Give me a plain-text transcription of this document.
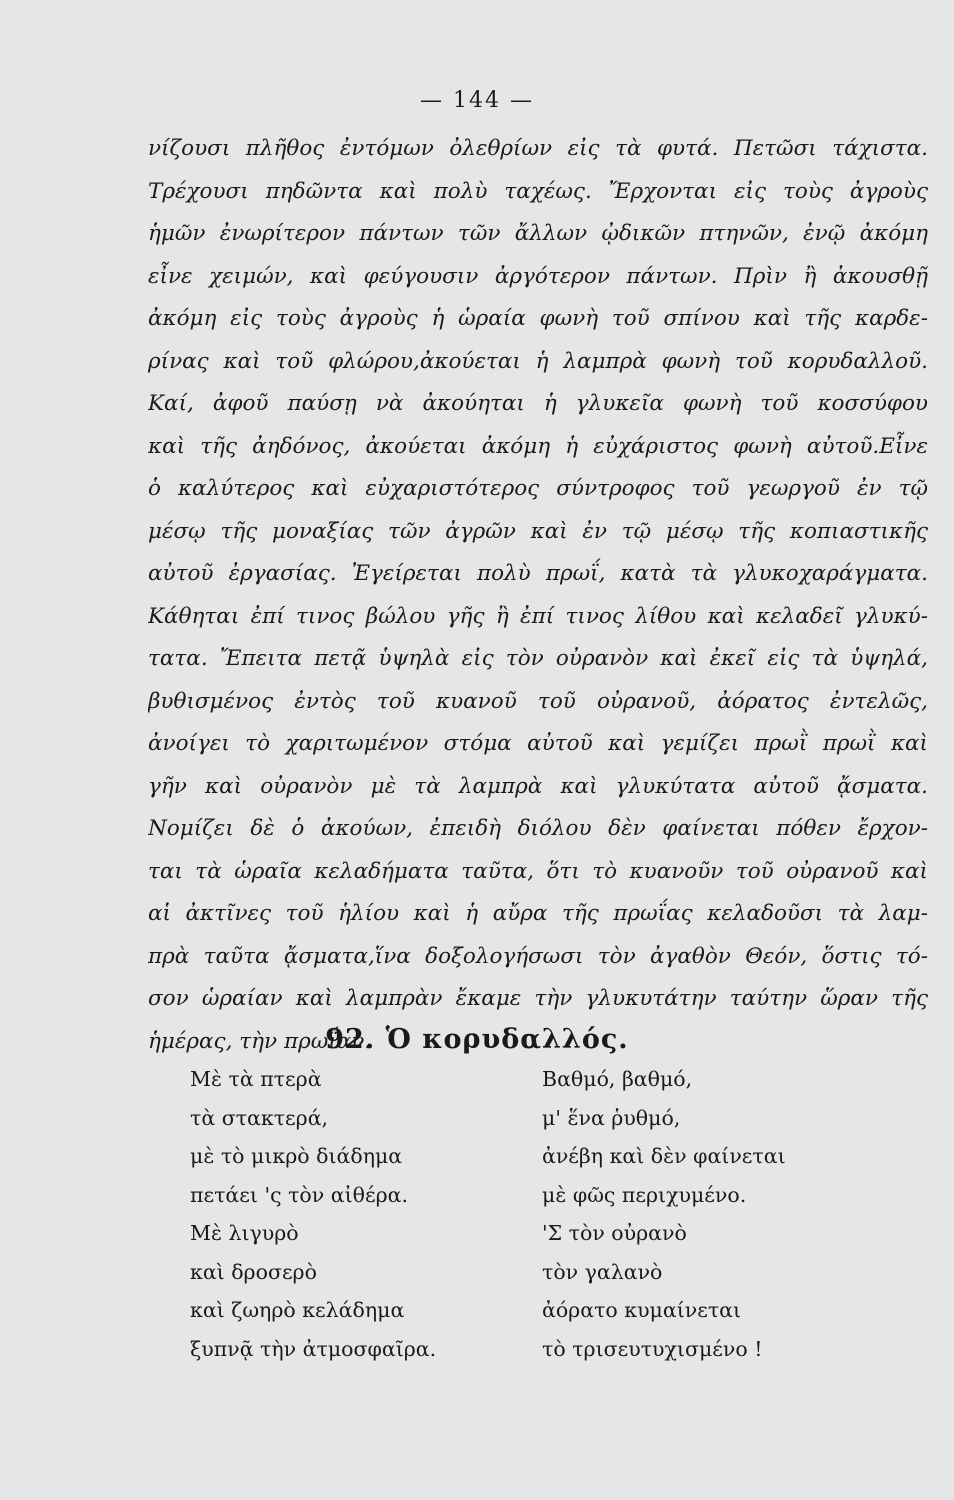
— 144 —
νίζουσι πλῆθος ἐντόμων ὀλεθρίων εἰς τὰ φυτά. Πετῶσι τάχιστα.
Τρέχουσι πηδῶντα καὶ πολὺ ταχέως. Ἔρχονται εἰς τοὺς ἀγροὺς
ἡμῶν ἐνωρίτερον πάντων τῶν ἄλλων ᾠδικῶν πτηνῶν, ἐνῷ ἀκόμη
εἶνε χειμών, καὶ φεύγουσιν ἀργότερον πάντων. Πρὶν ἢ ἀκουσθῇ
ἀκόμη εἰς τοὺς ἀγροὺς ἡ ὡραία φωνὴ τοῦ σπίνου καὶ τῆς καρδε-
ρίνας καὶ τοῦ φλώρου,ἀκούεται ἡ λαμπρὰ φωνὴ τοῦ κορυδαλλοῦ.
Καί, ἀφοῦ παύσῃ νὰ ἀκούηται ἡ γλυκεῖα φωνὴ τοῦ κοσσύφου
καὶ τῆς ἀηδόνος, ἀκούεται ἀκόμη ἡ εὐχάριστος φωνὴ αὐτοῦ.Εἶνε
ὁ καλύτερος καὶ εὐχαριστότερος σύντροφος τοῦ γεωργοῦ ἐν τῷ
μέσῳ τῆς μοναξίας τῶν ἀγρῶν καὶ ἐν τῷ μέσῳ τῆς κοπιαστικῆς
αὐτοῦ ἐργασίας. Ἐγείρεται πολὺ πρωΐ, κατὰ τὰ γλυκοχαράγματα.
Κάθηται ἐπί τινος βώλου γῆς ἢ ἐπί τινος λίθου καὶ κελαδεῖ γλυκύ-
τατα. Ἔπειτα πετᾷ ὑψηλὰ εἰς τὸν οὐρανὸν καὶ ἐκεῖ εἰς τὰ ὑψηλά,
βυθισμένος ἐντὸς τοῦ κυανοῦ τοῦ οὐρανοῦ, ἀόρατος ἐντελῶς,
ἀνοίγει τὸ χαριτωμένον στόμα αὐτοῦ καὶ γεμίζει πρωῒ πρωῒ καὶ
γῆν καὶ οὐρανὸν μὲ τὰ λαμπρὰ καὶ γλυκύτατα αὐτοῦ ᾄσματα.
Νομίζει δὲ ὁ ἀκούων, ἐπειδὴ διόλου δὲν φαίνεται πόθεν ἔρχον-
ται τὰ ὡραῖα κελαδήματα ταῦτα, ὅτι τὸ κυανοῦν τοῦ οὐρανοῦ καὶ
αἱ ἀκτῖνες τοῦ ἡλίου καὶ ἡ αὔρα τῆς πρωΐας κελαδοῦσι τὰ λαμ-
πρὰ ταῦτα ᾄσματα,ἵνα δοξολογήσωσι τὸν ἀγαθὸν Θεόν, ὅστις τό-
σον ὡραίαν καὶ λαμπρὰν ἔκαμε τὴν γλυκυτάτην ταύτην ὥραν τῆς
ἡμέρας, τὴν πρωΐαν.
92. Ὁ κορυδαλλός.
Μὲ τὰ πτερὰ
τὰ στακτερά,
μὲ τὸ μικρὸ διάδημα
πετάει 'ς τὸν αἰθέρα.
Μὲ λιγυρὸ
καὶ δροσερὸ
καὶ ζωηρὸ κελάδημα
ξυπνᾷ τὴν ἀτμοσφαῖρα.
Βαθμό, βαθμό,
μ' ἕνα ῥυθμό,
ἀνέβη καὶ δὲν φαίνεται
μὲ φῶς περιχυμένο.
'Σ τὸν οὐρανὸ
τὸν γαλανὸ
ἀόρατο κυμαίνεται
τὸ τρισευτυχισμένο !
